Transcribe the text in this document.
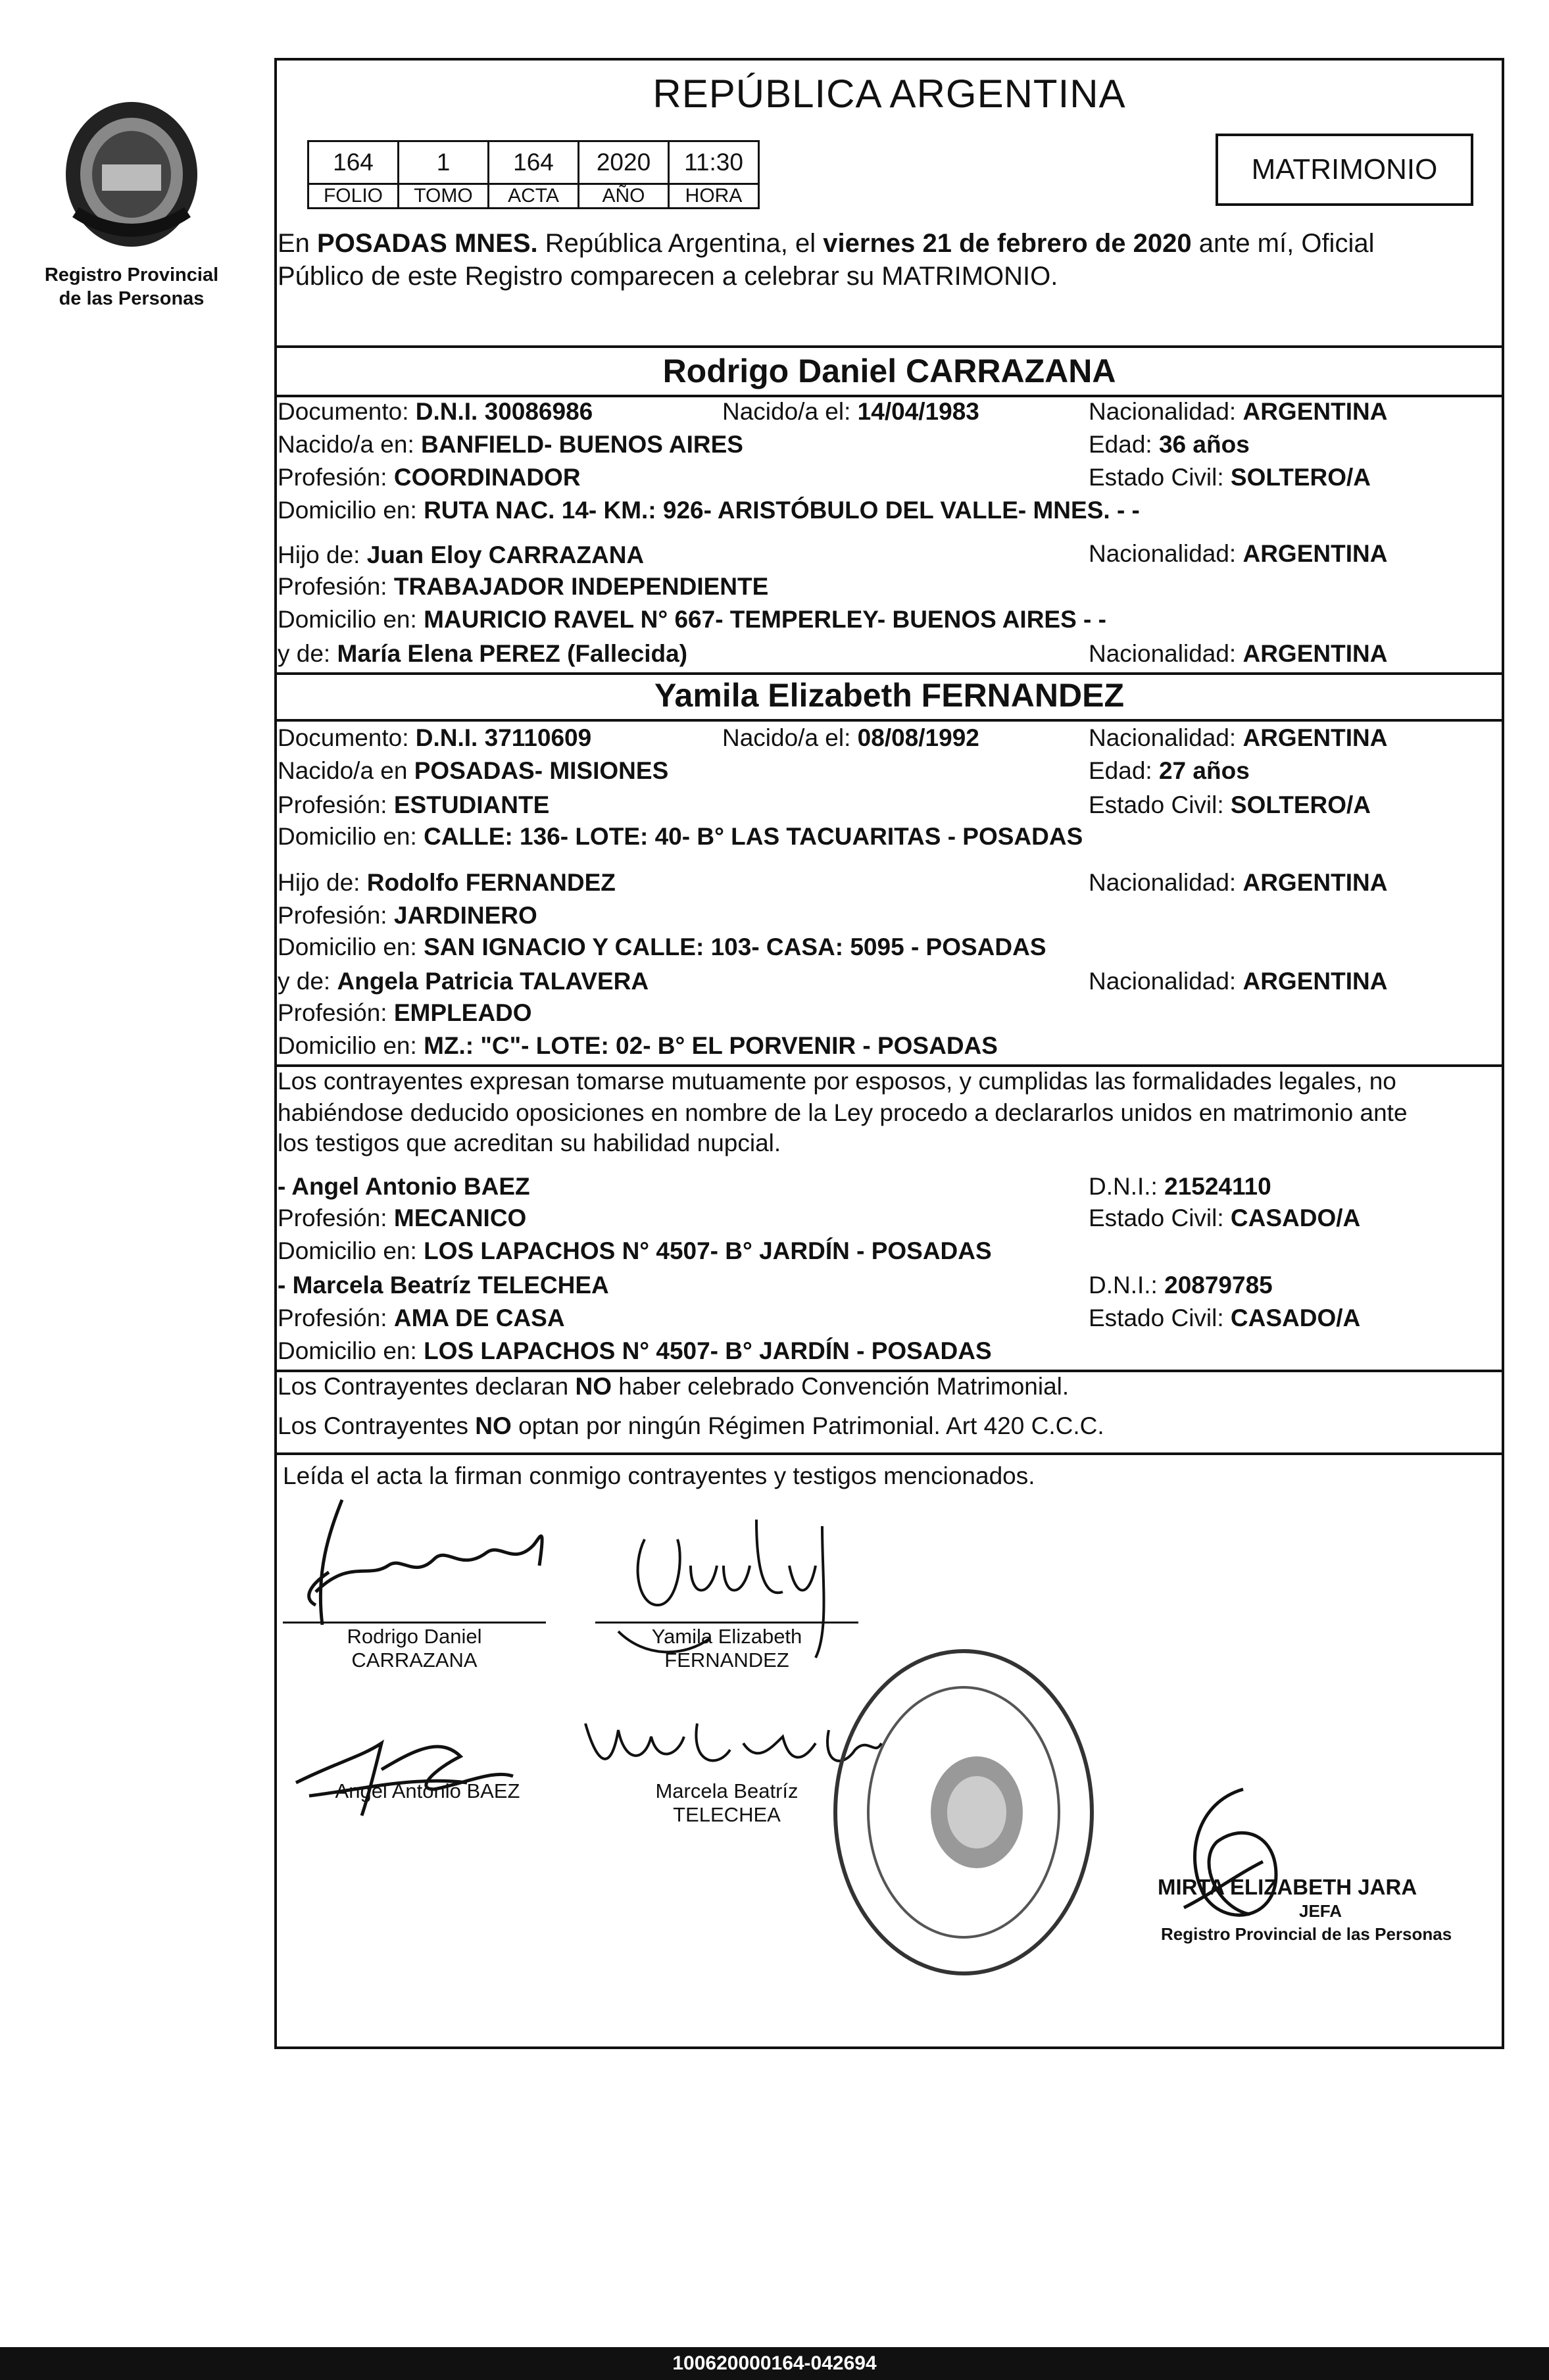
Registro Provincial
de las Personas
REPÚBLICA ARGENTINA
164	1	164	2020	11:30
FOLIO	TOMO	ACTA	AÑO	HORA
MATRIMONIO
En POSADAS MNES. República Argentina, el viernes 21 de febrero de 2020 ante mí, Oficial
Público de este Registro comparecen a celebrar su MATRIMONIO.
Rodrigo Daniel CARRAZANA
Documento: D.N.I. 30086986	Nacido/a el: 14/04/1983	Nacionalidad: ARGENTINA
Nacido/a en: BANFIELD- BUENOS AIRES	Edad: 36 años
Profesión: COORDINADOR	Estado Civil: SOLTERO/A
Domicilio en: RUTA NAC. 14- KM.: 926- ARISTÓBULO DEL VALLE- MNES. - -
Hijo de: Juan Eloy CARRAZANA	Nacionalidad: ARGENTINA
Profesión: TRABAJADOR INDEPENDIENTE
Domicilio en: MAURICIO RAVEL N° 667- TEMPERLEY- BUENOS AIRES - -
y de: María Elena PEREZ (Fallecida)	Nacionalidad: ARGENTINA
Yamila Elizabeth FERNANDEZ
Documento: D.N.I. 37110609	Nacido/a el: 08/08/1992	Nacionalidad: ARGENTINA
Nacido/a en POSADAS- MISIONES	Edad: 27 años
Profesión: ESTUDIANTE	Estado Civil: SOLTERO/A
Domicilio en: CALLE: 136- LOTE: 40- B° LAS TACUARITAS - POSADAS
Hijo de: Rodolfo FERNANDEZ	Nacionalidad: ARGENTINA
Profesión: JARDINERO
Domicilio en: SAN IGNACIO Y CALLE: 103- CASA: 5095 - POSADAS
y de: Angela Patricia TALAVERA	Nacionalidad: ARGENTINA
Profesión: EMPLEADO
Domicilio en: MZ.: "C"- LOTE: 02- B° EL PORVENIR - POSADAS
Los contrayentes expresan tomarse mutuamente por esposos, y cumplidas las formalidades legales, no
habiéndose deducido oposiciones en nombre de la Ley procedo a declararlos unidos en matrimonio ante
los testigos que acreditan su habilidad nupcial.
- Angel Antonio BAEZ	D.N.I.: 21524110
Profesión: MECANICO	Estado Civil: CASADO/A
Domicilio en: LOS LAPACHOS N° 4507- B° JARDÍN - POSADAS
- Marcela Beatríz TELECHEA	D.N.I.: 20879785
Profesión: AMA DE CASA	Estado Civil: CASADO/A
Domicilio en: LOS LAPACHOS N° 4507- B° JARDÍN - POSADAS
Los Contrayentes declaran NO haber celebrado Convención Matrimonial.
Los Contrayentes NO optan por ningún Régimen Patrimonial. Art 420 C.C.C.
Leída el acta la firman conmigo contrayentes y testigos mencionados.
Rodrigo Daniel
CARRAZANA
Yamila Elizabeth
FERNANDEZ
Angel Antonio BAEZ	Marcela Beatríz
TELECHEA
MIRTA ELIZABETH JARA
JEFA
Registro Provincial de las Personas
100620000164-042694
